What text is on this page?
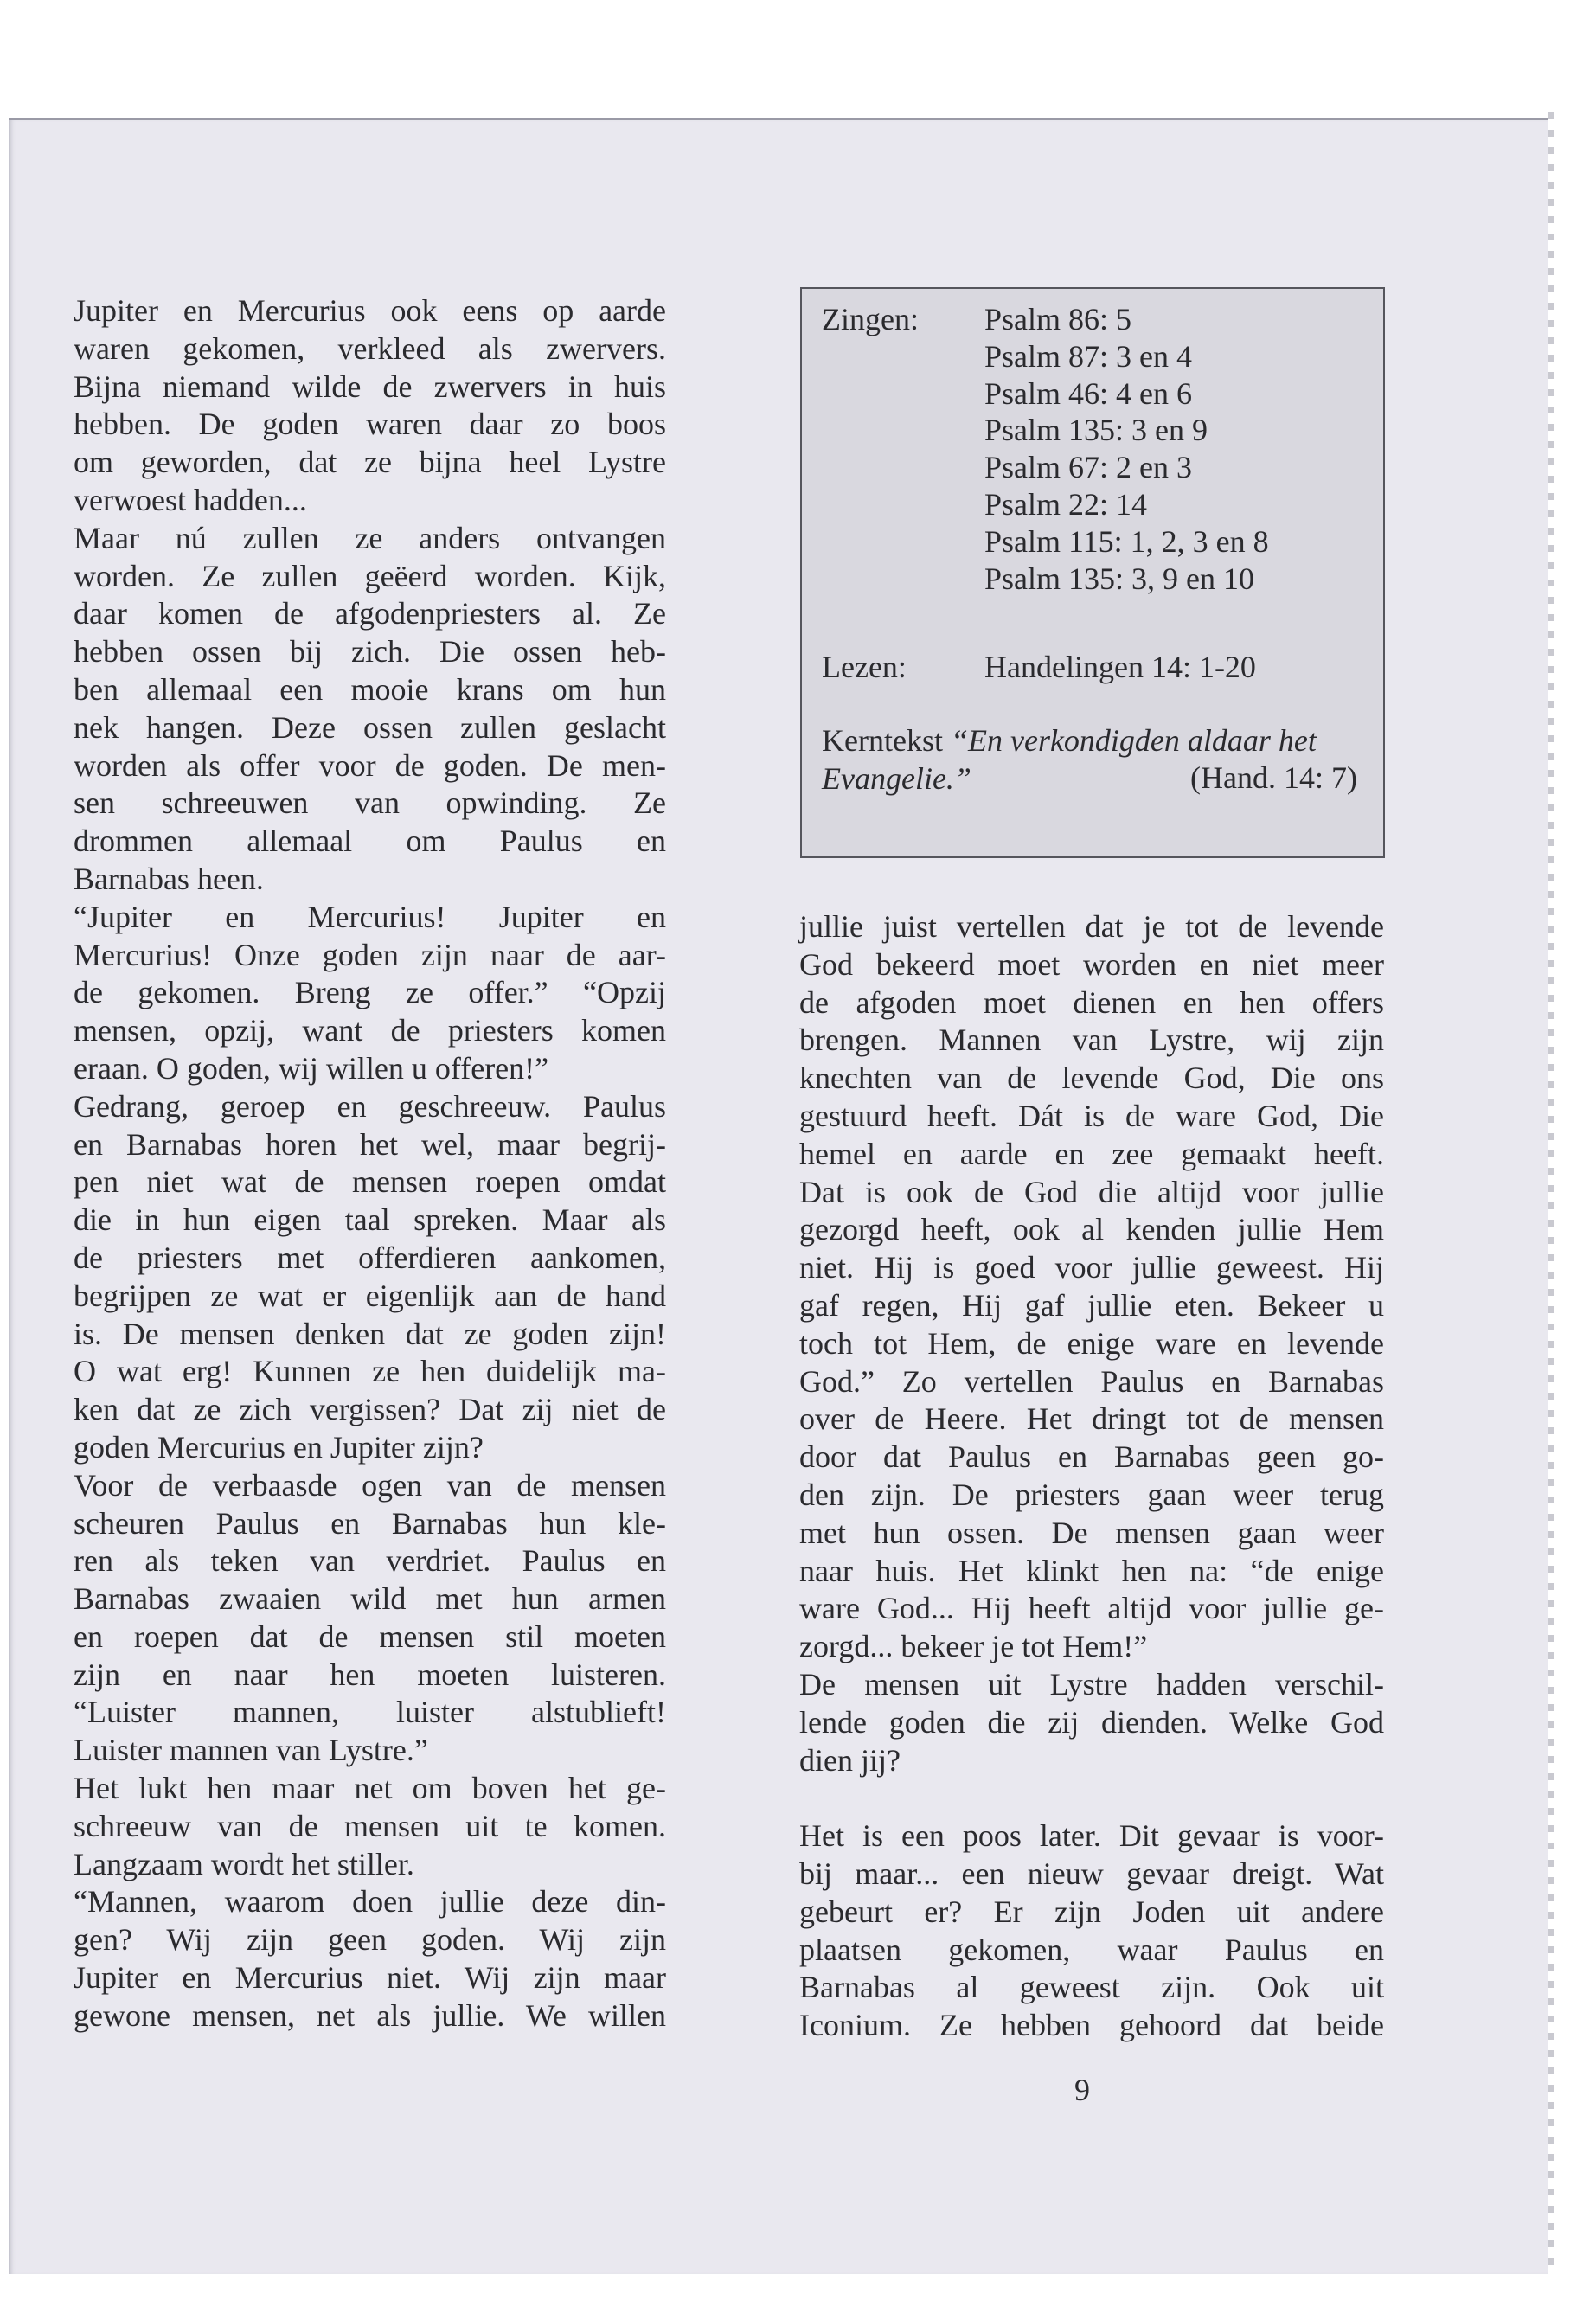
Jupiter en Mercurius ook eens op aarde
waren gekomen, verkleed als zwervers.
Bijna niemand wilde de zwervers in huis
hebben. De goden waren daar zo boos
om geworden, dat ze bijna heel Lystre
verwoest hadden...
Maar nú zullen ze anders ontvangen
worden. Ze zullen geëerd worden. Kijk,
daar komen de afgodenpriesters al. Ze
hebben ossen bij zich. Die ossen heb-
ben allemaal een mooie krans om hun
nek hangen. Deze ossen zullen geslacht
worden als offer voor de goden. De men-
sen schreeuwen van opwinding. Ze
drommen allemaal om Paulus en
Barnabas heen.
“Jupiter en Mercurius! Jupiter en
Mercurius! Onze goden zijn naar de aar-
de gekomen. Breng ze offer.” “Opzij
mensen, opzij, want de priesters komen
eraan. O goden, wij willen u offeren!”
Gedrang, geroep en geschreeuw. Paulus
en Barnabas horen het wel, maar begrij-
pen niet wat de mensen roepen omdat
die in hun eigen taal spreken. Maar als
de priesters met offerdieren aankomen,
begrijpen ze wat er eigenlijk aan de hand
is. De mensen denken dat ze goden zijn!
O wat erg! Kunnen ze hen duidelijk ma-
ken dat ze zich vergissen? Dat zij niet de
goden Mercurius en Jupiter zijn?
Voor de verbaasde ogen van de mensen
scheuren Paulus en Barnabas hun kle-
ren als teken van verdriet. Paulus en
Barnabas zwaaien wild met hun armen
en roepen dat de mensen stil moeten
zijn en naar hen moeten luisteren.
“Luister mannen, luister alstublieft!
Luister mannen van Lystre.”
Het lukt hen maar net om boven het ge-
schreeuw van de mensen uit te komen.
Langzaam wordt het stiller.
“Mannen, waarom doen jullie deze din-
gen? Wij zijn geen goden. Wij zijn
Jupiter en Mercurius niet. Wij zijn maar
gewone mensen, net als jullie. We willen
jullie juist vertellen dat je tot de levende
God bekeerd moet worden en niet meer
de afgoden moet dienen en hen offers
brengen. Mannen van Lystre, wij zijn
knechten van de levende God, Die ons
gestuurd heeft. Dát is de ware God, Die
hemel en aarde en zee gemaakt heeft.
Dat is ook de God die altijd voor jullie
gezorgd heeft, ook al kenden jullie Hem
niet. Hij is goed voor jullie geweest. Hij
gaf regen, Hij gaf jullie eten. Bekeer u
toch tot Hem, de enige ware en levende
God.” Zo vertellen Paulus en Barnabas
over de Heere. Het dringt tot de mensen
door dat Paulus en Barnabas geen go-
den zijn. De priesters gaan weer terug
met hun ossen. De mensen gaan weer
naar huis. Het klinkt hen na: “de enige
ware God... Hij heeft altijd voor jullie ge-
zorgd... bekeer je tot Hem!”
De mensen uit Lystre hadden verschil-
lende goden die zij dienden. Welke God
dien jij?
Het is een poos later. Dit gevaar is voor-
bij maar... een nieuw gevaar dreigt. Wat
gebeurt er? Er zijn Joden uit andere
plaatsen gekomen, waar Paulus en
Barnabas al geweest zijn. Ook uit
Iconium. Ze hebben gehoord dat beide
Zingen:
Lezen:	Handelingen 14: 1-20
Kerntekst “En verkondigden aldaar het Evangelie.”	(Hand. 14: 7)
Psalm 86: 5
Psalm 87: 3 en 4
Psalm 46: 4 en 6
Psalm 135: 3 en 9
Psalm 67: 2 en 3
Psalm 22: 14
Psalm 115: 1, 2, 3 en 8
Psalm 135: 3, 9 en 10
9
